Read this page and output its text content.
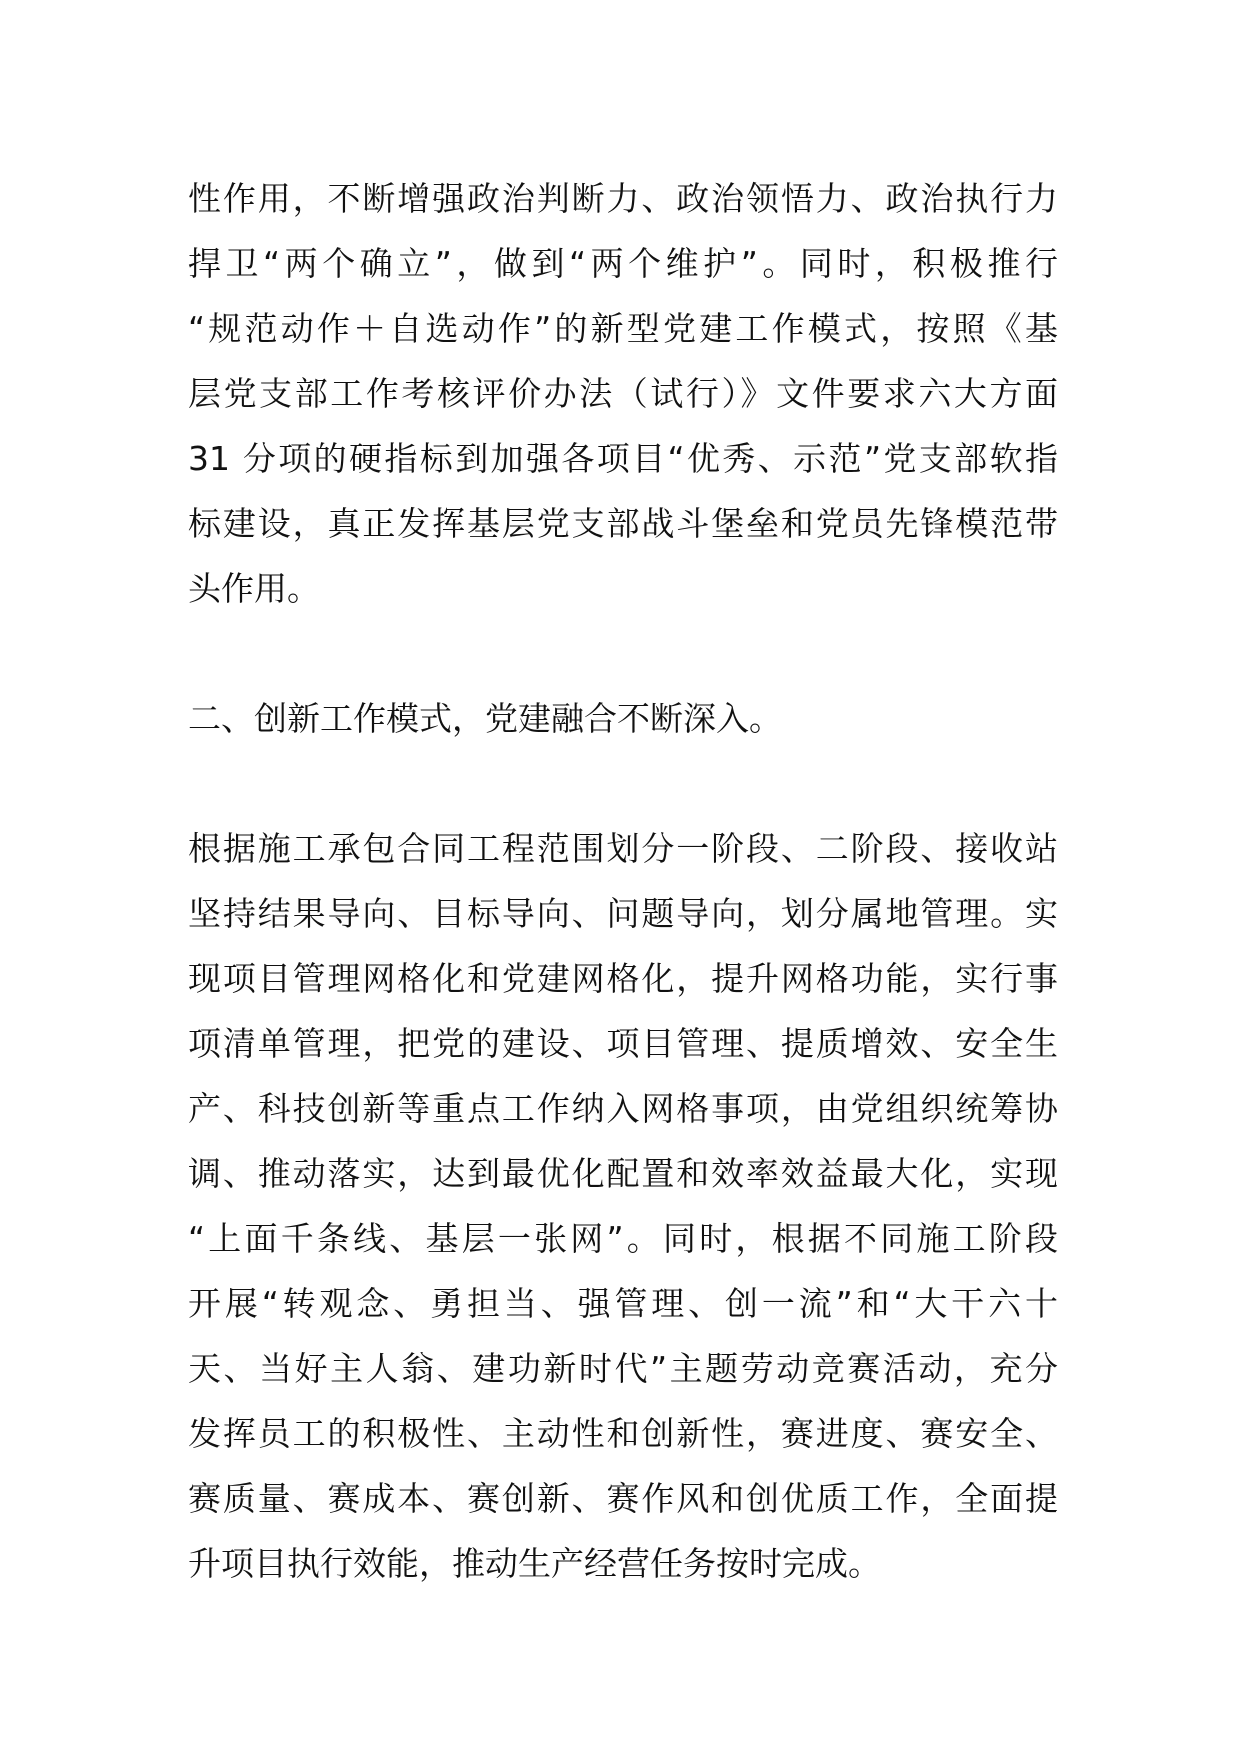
性作用，不断增强政治判断力、政治领悟力、政治执行力
捍卫“两个确立”，做到“两个维护”。同时，积极推行
“规范动作＋自选动作”的新型党建工作模式，按照《基
层党支部工作考核评价办法（试行）》文件要求六大方面
31 分项的硬指标到加强各项目“优秀、示范”党支部软指
标建设，真正发挥基层党支部战斗堡垒和党员先锋模范带
头作用。
二、创新工作模式，党建融合不断深入。
根据施工承包合同工程范围划分一阶段、二阶段、接收站
坚持结果导向、目标导向、问题导向，划分属地管理。实
现项目管理网格化和党建网格化，提升网格功能，实行事
项清单管理，把党的建设、项目管理、提质增效、安全生
产、科技创新等重点工作纳入网格事项，由党组织统筹协
调、推动落实，达到最优化配置和效率效益最大化，实现
“上面千条线、基层一张网”。同时，根据不同施工阶段
开展“转观念、勇担当、强管理、创一流”和“大干六十
天、当好主人翁、建功新时代”主题劳动竞赛活动，充分
发挥员工的积极性、主动性和创新性，赛进度、赛安全、
赛质量、赛成本、赛创新、赛作风和创优质工作，全面提
升项目执行效能，推动生产经营任务按时完成。
